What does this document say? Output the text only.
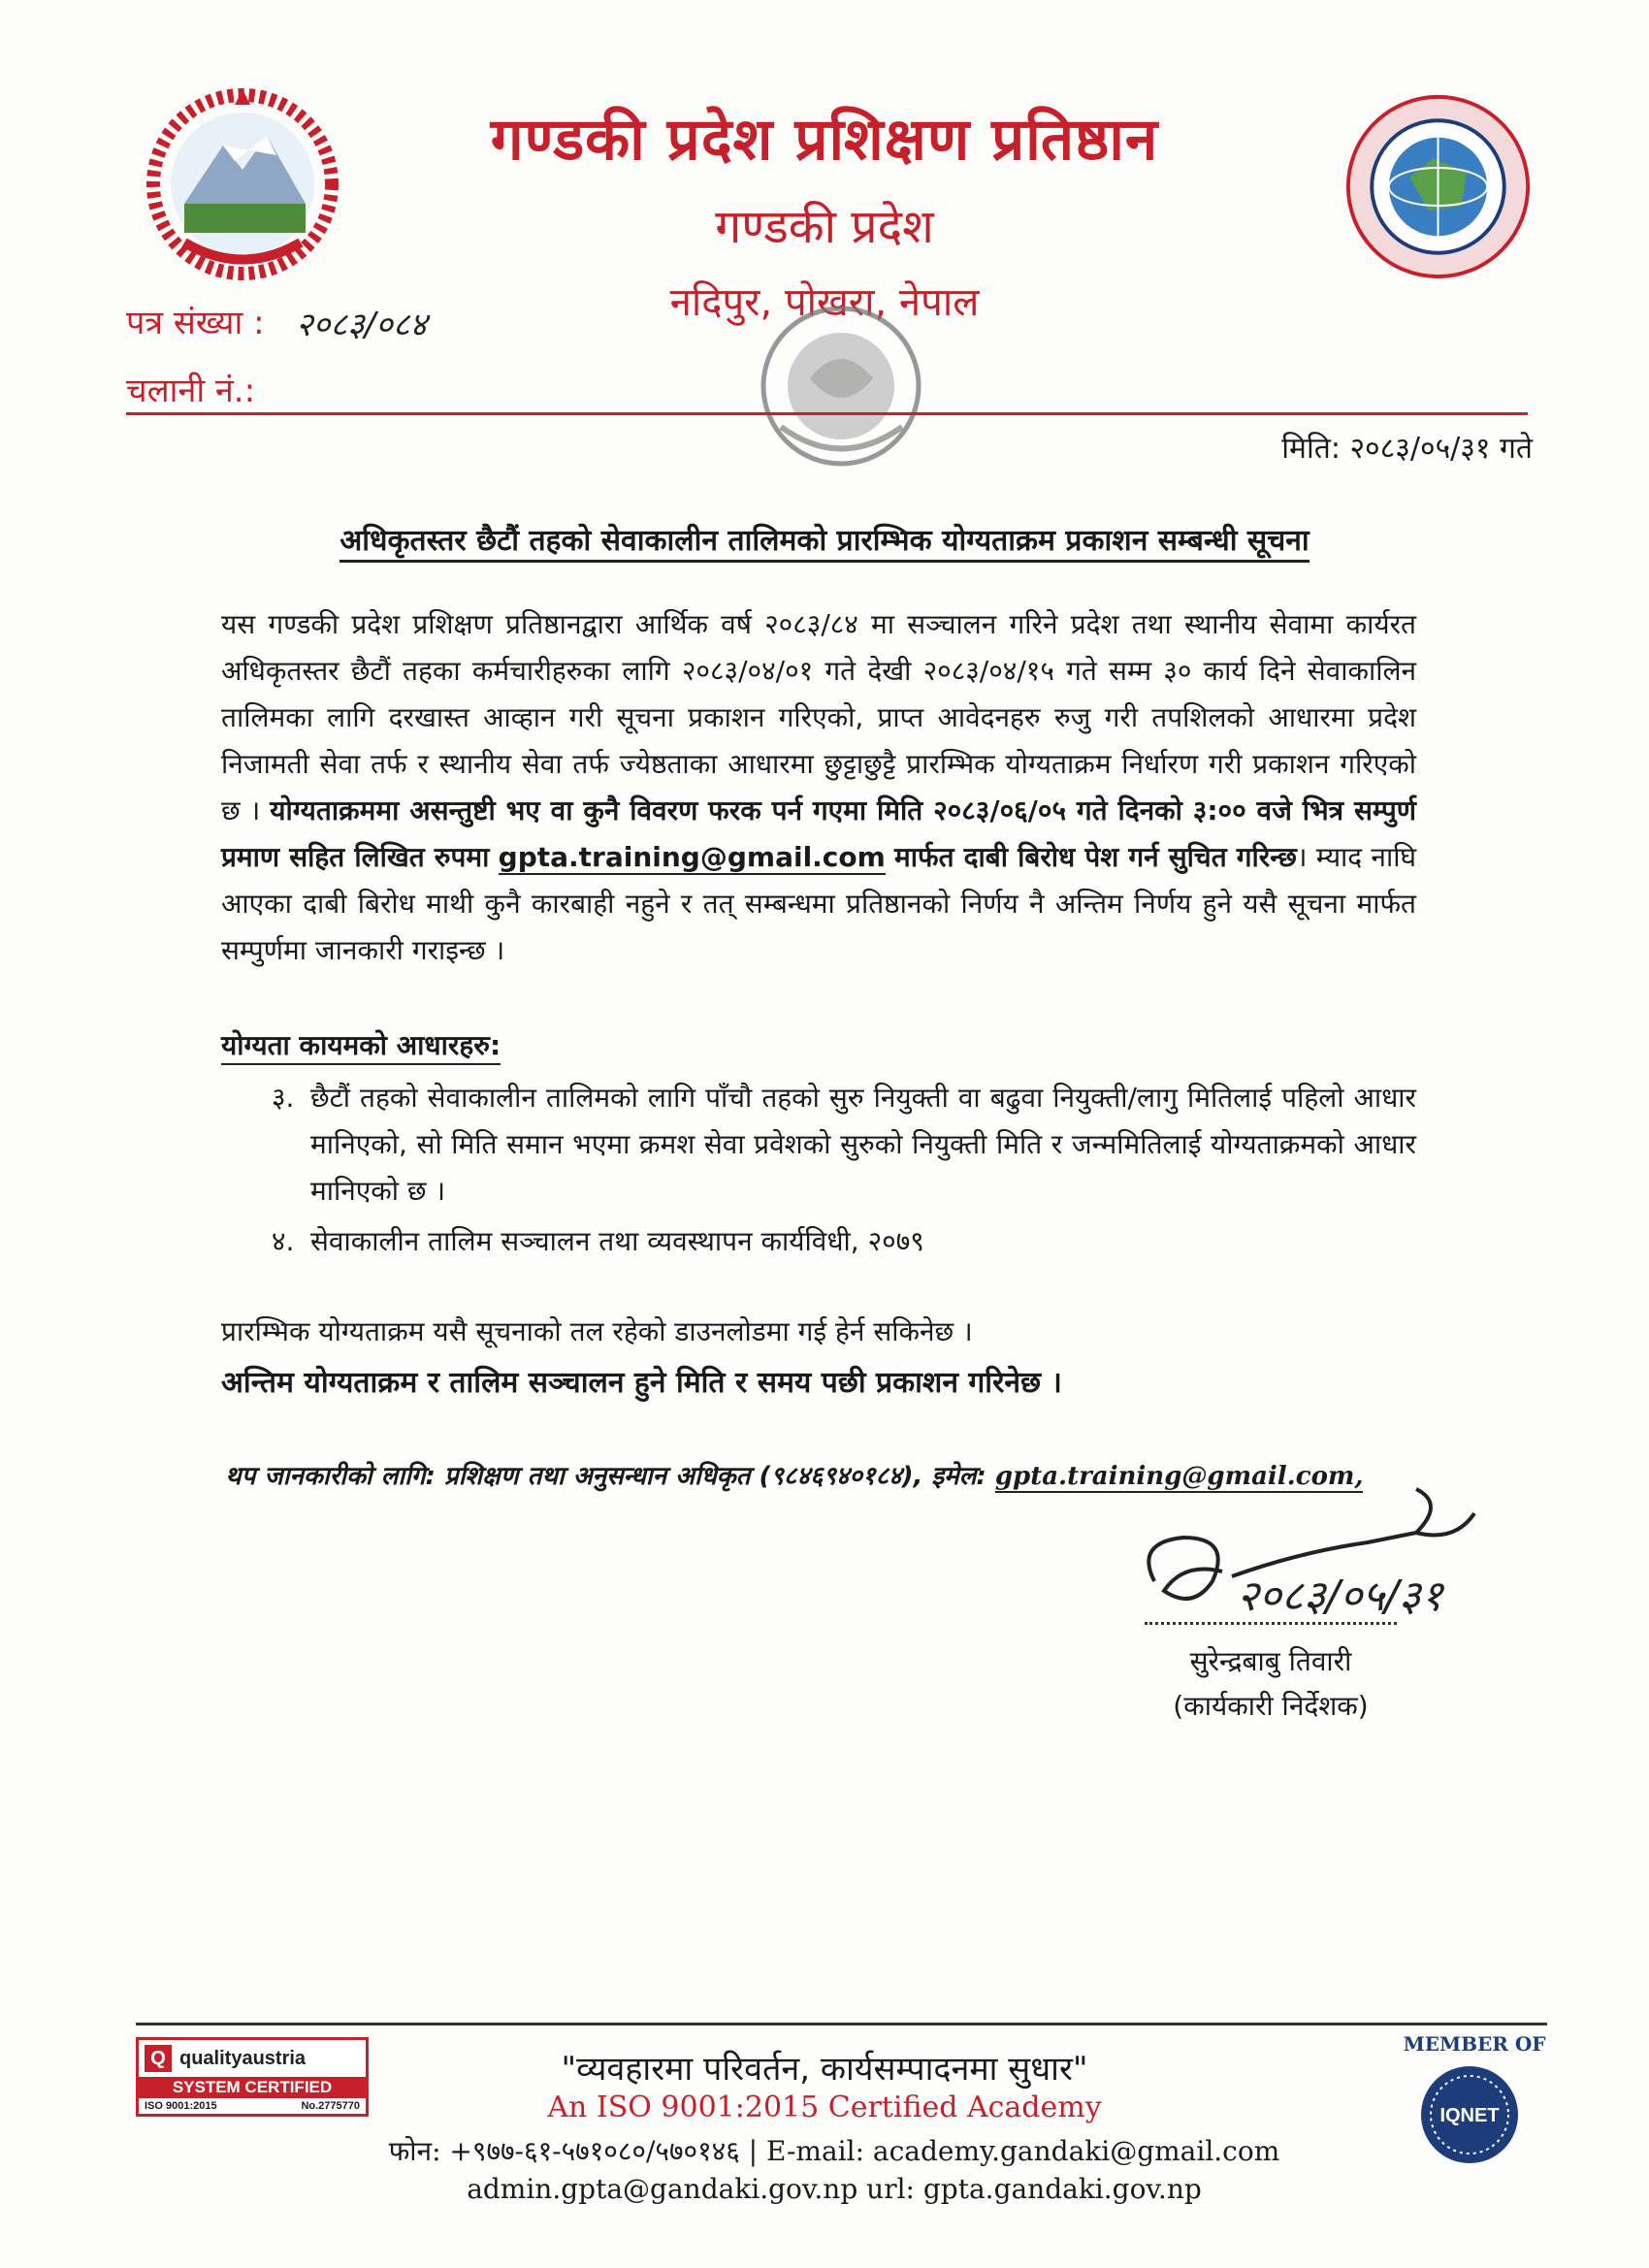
गण्डकी प्रदेश प्रशिक्षण प्रतिष्ठान
गण्डकी प्रदेश
नदिपुर, पोखरा, नेपाल
पत्र संख्या : २०८३/०८४
चलानी नं.:
मिति: २०८३/०५/३१ गते
अधिकृतस्तर छैटौं तहको सेवाकालीन तालिमको प्रारम्भिक योग्यताक्रम प्रकाशन सम्बन्धी सूचना
यस गण्डकी प्रदेश प्रशिक्षण प्रतिष्ठानद्वारा आर्थिक वर्ष २०८३/८४ मा सञ्चालन गरिने प्रदेश तथा स्थानीय सेवामा कार्यरत अधिकृतस्तर छैटौं तहका कर्मचारीहरुका लागि २०८३/०४/०१ गते देखी २०८३/०४/१५ गते सम्म ३० कार्य दिने सेवाकालिन तालिमका लागि दरखास्त आव्हान गरी सूचना प्रकाशन गरिएको, प्राप्त आवेदनहरु रुजु गरी तपशिलको आधारमा प्रदेश निजामती सेवा तर्फ र स्थानीय सेवा तर्फ ज्येष्ठताका आधारमा छुट्टाछुट्टै प्रारम्भिक योग्यताक्रम निर्धारण गरी प्रकाशन गरिएको छ । योग्यताक्रममा असन्तुष्टी भए वा कुनै विवरण फरक पर्न गएमा मिति २०८३/०६/०५ गते दिनको ३:०० वजे भित्र सम्पुर्ण प्रमाण सहित लिखित रुपमा gpta.training@gmail.com मार्फत दाबी बिरोध पेश गर्न सुचित गरिन्छ। म्याद नाघि आएका दाबी बिरोध माथी कुनै कारबाही नहुने र तत् सम्बन्धमा प्रतिष्ठानको निर्णय नै अन्तिम निर्णय हुने यसै सूचना मार्फत सम्पुर्णमा जानकारी गराइन्छ ।
योग्यता कायमको आधारहरु:
३. छैटौं तहको सेवाकालीन तालिमको लागि पाँचौ तहको सुरु नियुक्ती वा बढुवा नियुक्ती/लागु मितिलाई पहिलो आधार मानिएको, सो मिति समान भएमा क्रमश सेवा प्रवेशको सुरुको नियुक्ती मिति र जन्ममितिलाई योग्यताक्रमको आधार मानिएको छ ।
४. सेवाकालीन तालिम सञ्चालन तथा व्यवस्थापन कार्यविधी, २०७९
प्रारम्भिक योग्यताक्रम यसै सूचनाको तल रहेको डाउनलोडमा गई हेर्न सकिनेछ ।
अन्तिम योग्यताक्रम र तालिम सञ्चालन हुने मिति र समय पछी प्रकाशन गरिनेछ ।
थप जानकारीको लागि: प्रशिक्षण तथा अनुसन्धान अधिकृत (९८४६९४०१८४), इमेल: gpta.training@gmail.com,
२०८३/०५/३१
सुरेन्द्रबाबु तिवारी
(कार्यकारी निर्देशक)
Q qualityaustria
SYSTEM CERTIFIED
ISO 9001:2015	No.2775770
"व्यवहारमा परिवर्तन, कार्यसम्पादनमा सुधार"
An ISO 9001:2015 Certified Academy
फोन: +९७७-६१-५७१०८०/५७०१४६ | E-mail: academy.gandaki@gmail.com
admin.gpta@gandaki.gov.np url: gpta.gandaki.gov.np
MEMBER OF
IQNET
